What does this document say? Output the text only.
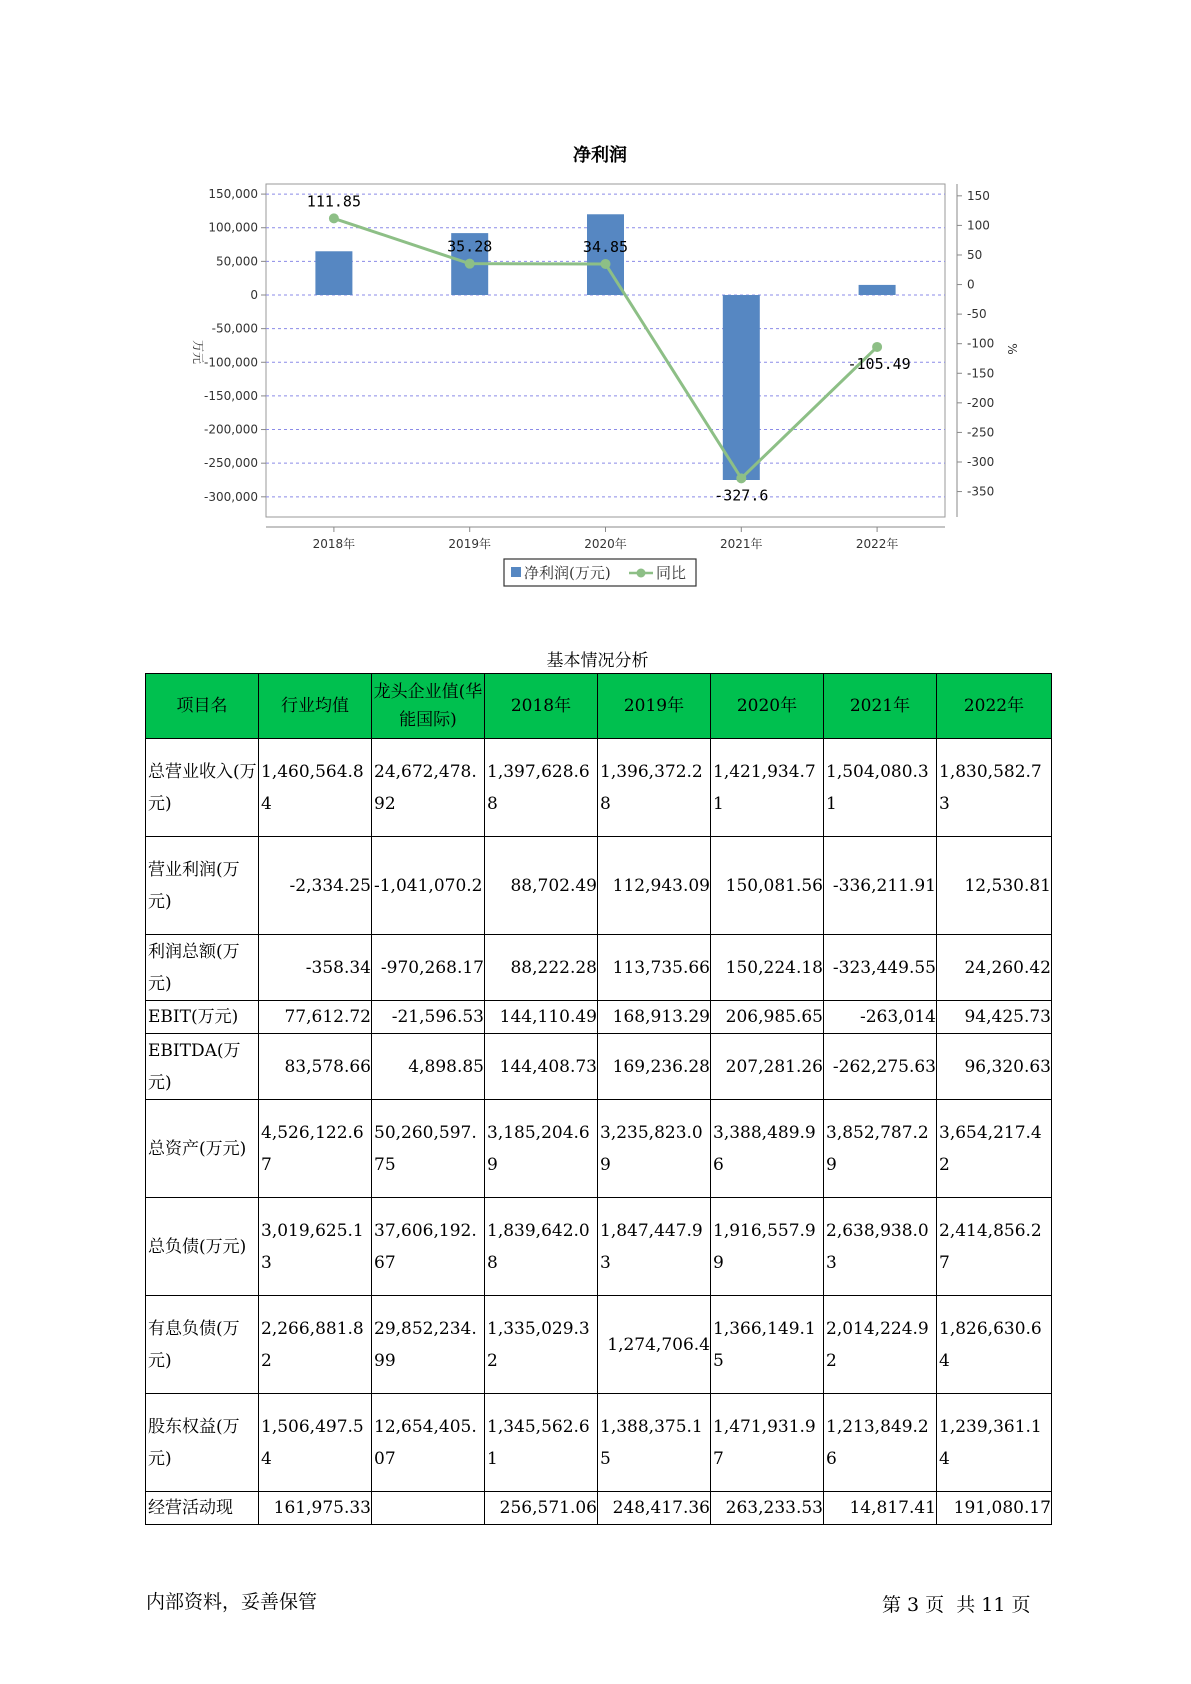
净利润
150,000
100,000
50,000
0
-50,000
-100,000
-150,000
-200,000
-250,000
-300,000
150
100
50
0
-50
-100
-150
-200
-250
-300
-350
2018年	2019年	2020年	2021年	2022年
111.85
35.28	34.85
-327.6
-105.49
万元	%
净利润(万元)	同比
基本情况分析
项目名	行业均值	龙头企业值(华能国际)	2018年	2019年	2020年	2021年	2022年
总营业收入(万元)	1,460,564.84	24,672,478.92	1,397,628.68	1,396,372.28	1,421,934.71	1,504,080.31	1,830,582.73
营业利润(万元)	-2,334.25	-1,041,070.2	88,702.49	112,943.09	150,081.56	-336,211.91	12,530.81
利润总额(万元)	-358.34	-970,268.17	88,222.28	113,735.66	150,224.18	-323,449.55	24,260.42
EBIT(万元)	77,612.72	-21,596.53	144,110.49	168,913.29	206,985.65	-263,014	94,425.73
EBITDA(万元)	83,578.66	4,898.85	144,408.73	169,236.28	207,281.26	-262,275.63	96,320.63
总资产(万元)	4,526,122.67	50,260,597.75	3,185,204.69	3,235,823.09	3,388,489.96	3,852,787.29	3,654,217.42
总负债(万元)	3,019,625.13	37,606,192.67	1,839,642.08	1,847,447.93	1,916,557.99	2,638,938.03	2,414,856.27
有息负债(万元)	2,266,881.82	29,852,234.99	1,335,029.32	1,274,706.4	1,366,149.15	2,014,224.92	1,826,630.64
股东权益(万元)	1,506,497.54	12,654,405.07	1,345,562.61	1,388,375.15	1,471,931.97	1,213,849.26	1,239,361.14
经营活动现	161,975.33		256,571.06	248,417.36	263,233.53	14,817.41	191,080.17
内部资料，妥善保管	第 3 页  共 11 页
